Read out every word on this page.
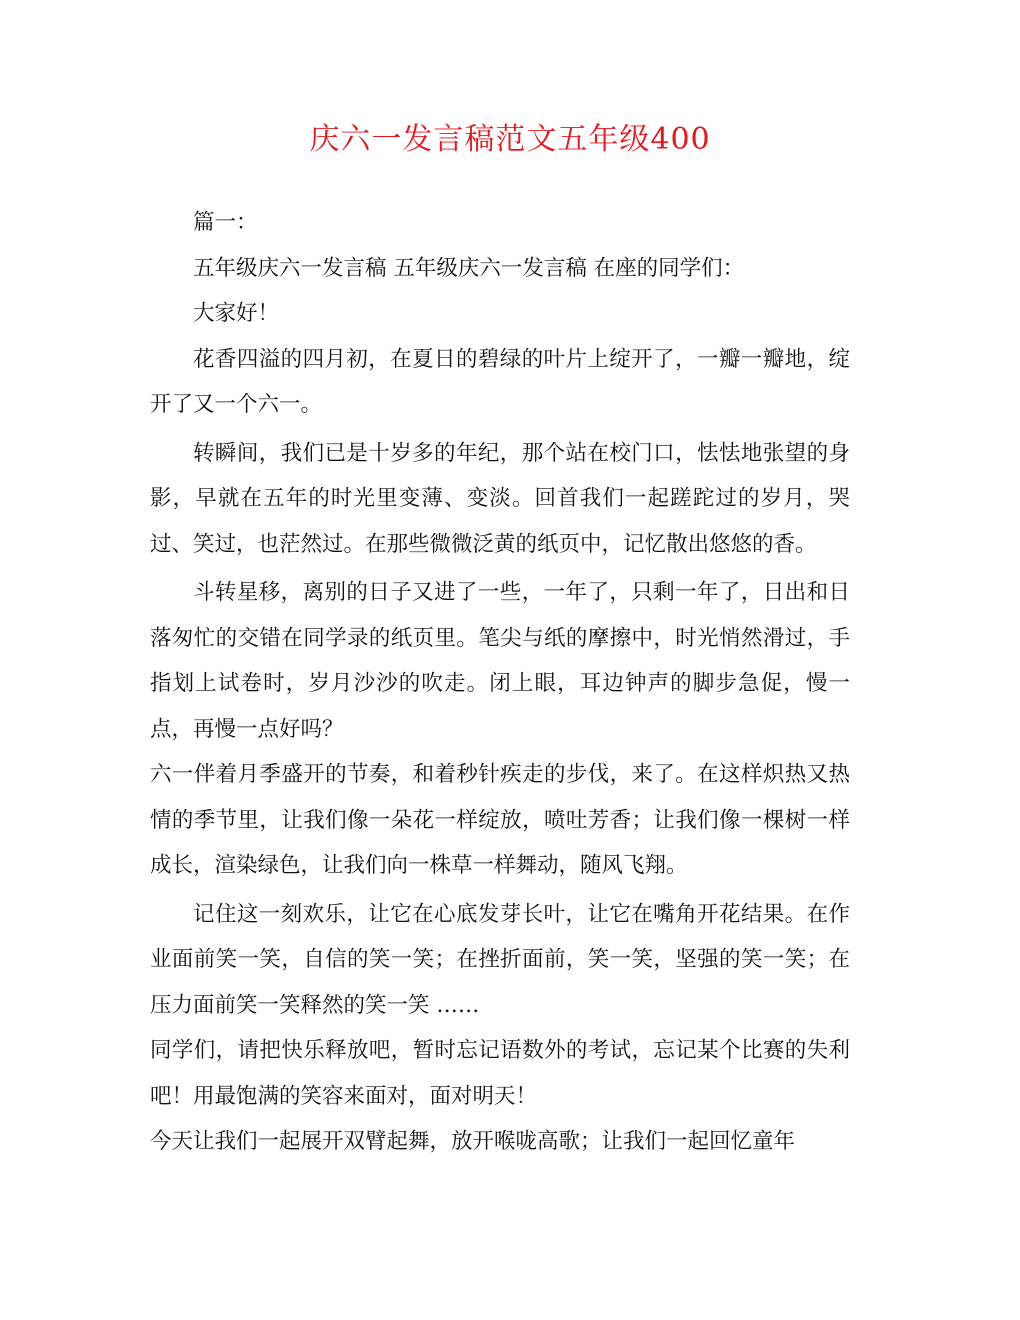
庆六一发言稿范文五年级400

篇一：

五年级庆六一发言稿 五年级庆六一发言稿 在座的同学们：

大家好！

花香四溢的四月初，在夏日的碧绿的叶片上绽开了，一瓣一瓣地，绽开了又一个六一。

转瞬间，我们已是十岁多的年纪，那个站在校门口，怯怯地张望的身影，早就在五年的时光里变薄、变淡。回首我们一起蹉跎过的岁月，哭过、笑过，也茫然过。在那些微微泛黄的纸页中，记忆散出悠悠的香。

斗转星移，离别的日子又进了一些，一年了，只剩一年了，日出和日落匆忙的交错在同学录的纸页里。笔尖与纸的摩擦中，时光悄然滑过，手指划上试卷时，岁月沙沙的吹走。闭上眼，耳边钟声的脚步急促，慢一点，再慢一点好吗？

六一伴着月季盛开的节奏，和着秒针疾走的步伐，来了。在这样炽热又热情的季节里，让我们像一朵花一样绽放，喷吐芳香；让我们像一棵树一样成长，渲染绿色，让我们向一株草一样舞动，随风飞翔。

记住这一刻欢乐，让它在心底发芽长叶，让它在嘴角开花结果。在作业面前笑一笑，自信的笑一笑；在挫折面前，笑一笑，坚强的笑一笑；在压力面前笑一笑释然的笑一笑 ……

同学们，请把快乐释放吧，暂时忘记语数外的考试，忘记某个比赛的失利吧！用最饱满的笑容来面对，面对明天！

今天让我们一起展开双臂起舞，放开喉咙高歌；让我们一起回忆童年
